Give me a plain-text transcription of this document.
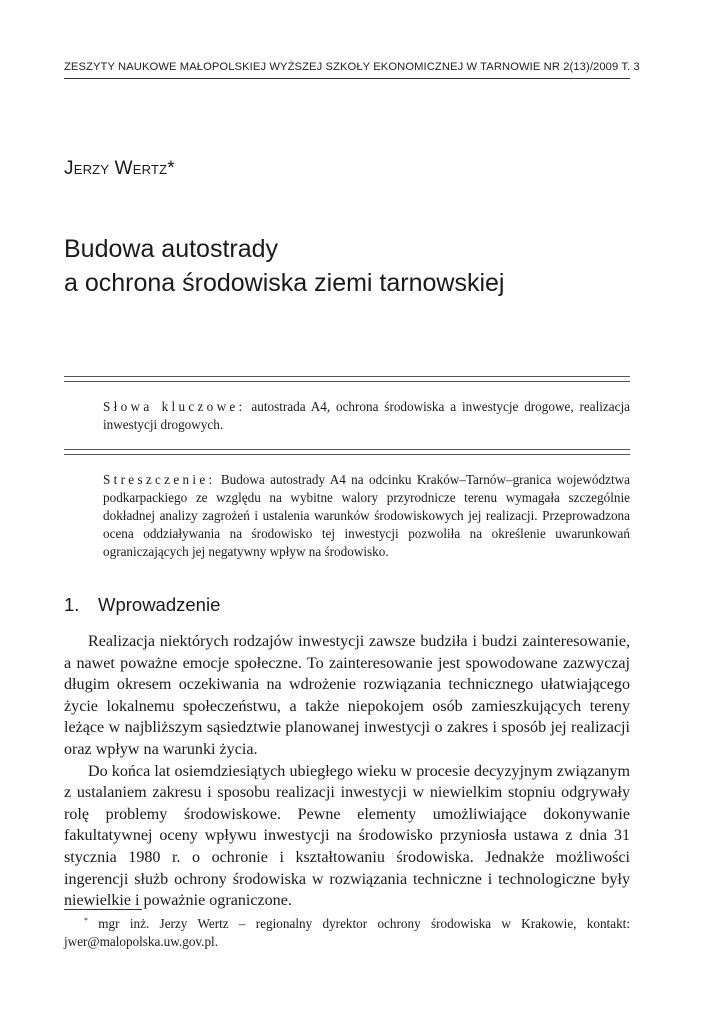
ZESZYTY NAUKOWE MAŁOPOLSKIEJ WYŻSZEJ SZKOŁY EKONOMICZNEJ W TARNOWIE NR 2(13)/2009 T. 3
Jerzy Wertz*
Budowa autostrady
a ochrona środowiska ziemi tarnowskiej
Słowa kluczowe: autostrada A4, ochrona środowiska a inwestycje drogowe, realizacja inwestycji drogowych.
Streszczenie: Budowa autostrady A4 na odcinku Kraków–Tarnów–granica województwa podkarpackiego ze względu na wybitne walory przyrodnicze terenu wymagała szczególnie dokładnej analizy zagrożeń i ustalenia warunków środowiskowych jej realizacji. Przeprowadzona ocena oddziaływania na środowisko tej inwestycji pozwoliła na określenie uwarunkowań ograniczających jej negatywny wpływ na środowisko.
1. Wprowadzenie

Realizacja niektórych rodzajów inwestycji zawsze budziła i budzi zainteresowanie, a nawet poważne emocje społeczne. To zainteresowanie jest spowodowane zazwyczaj długim okresem oczekiwania na wdrożenie rozwiązania technicznego ułatwiającego życie lokalnemu społeczeństwu, a także niepokojem osób zamieszkujących tereny leżące w najbliższym sąsiedztwie planowanej inwestycji o zakres i sposób jej realizacji oraz wpływ na warunki życia.

Do końca lat osiemdziesiątych ubiegłego wieku w procesie decyzyjnym związanym z ustalaniem zakresu i sposobu realizacji inwestycji w niewielkim stopniu odgrywały rolę problemy środowiskowe. Pewne elementy umożliwiające dokonywanie fakultatywnej oceny wpływu inwestycji na środowisko przyniosła ustawa z dnia 31 stycznia 1980 r. o ochronie i kształtowaniu środowiska. Jednakże możliwości ingerencji służb ochrony środowiska w rozwiązania techniczne i technologiczne były niewielkie i poważnie ograniczone.

* mgr inż. Jerzy Wertz – regionalny dyrektor ochrony środowiska w Krakowie, kontakt: jwer@malopolska.uw.gov.pl.
